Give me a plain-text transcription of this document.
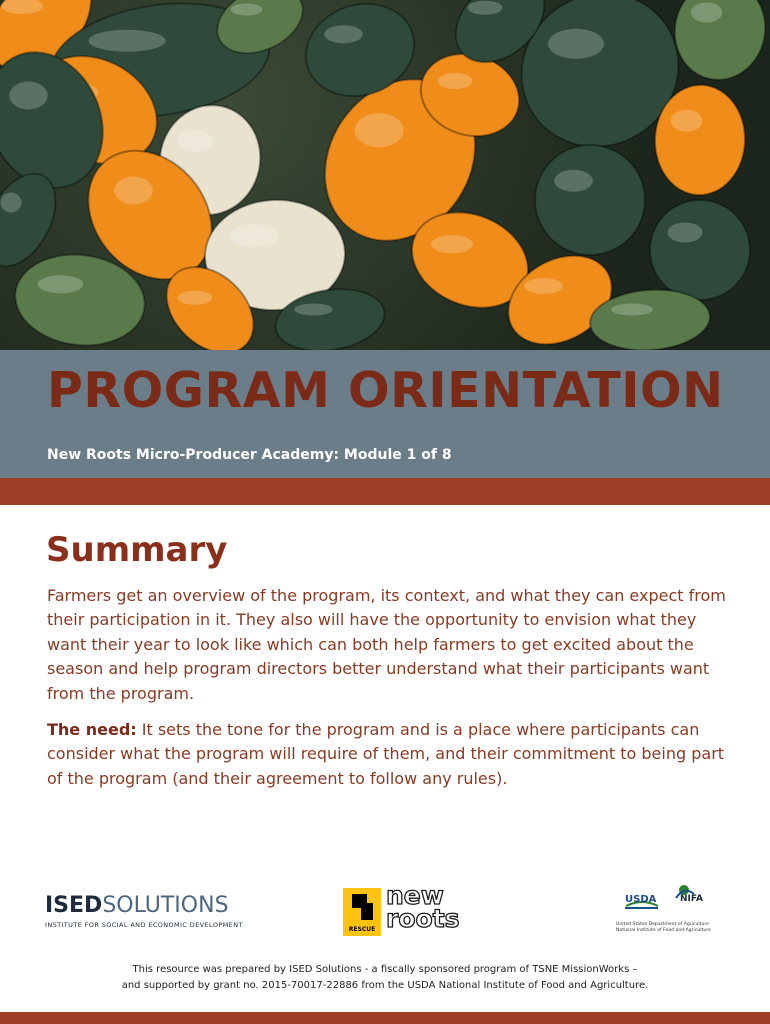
PROGRAM ORIENTATION
New Roots Micro-Producer Academy: Module 1 of 8
Summary
Farmers get an overview of the program, its context, and what they can expect from their participation in it. They also will have the opportunity to envision what they want their year to look like which can both help farmers to get excited about the season and help program directors better understand what their participants want from the program.
The need: It sets the tone for the program and is a place where participants can consider what the program will require of them, and their commitment to being part of the program (and their agreement to follow any rules).
ISEDSOLUTIONS
INSTITUTE FOR SOCIAL AND ECONOMIC DEVELOPMENT
RESCUE
new
roots
USDA	NIFA
United States Department of Agriculture National Institute of Food and Agriculture
This resource was prepared by ISED Solutions - a fiscally sponsored program of TSNE MissionWorks –
and supported by grant no. 2015-70017-22886 from the USDA National Institute of Food and Agriculture.
